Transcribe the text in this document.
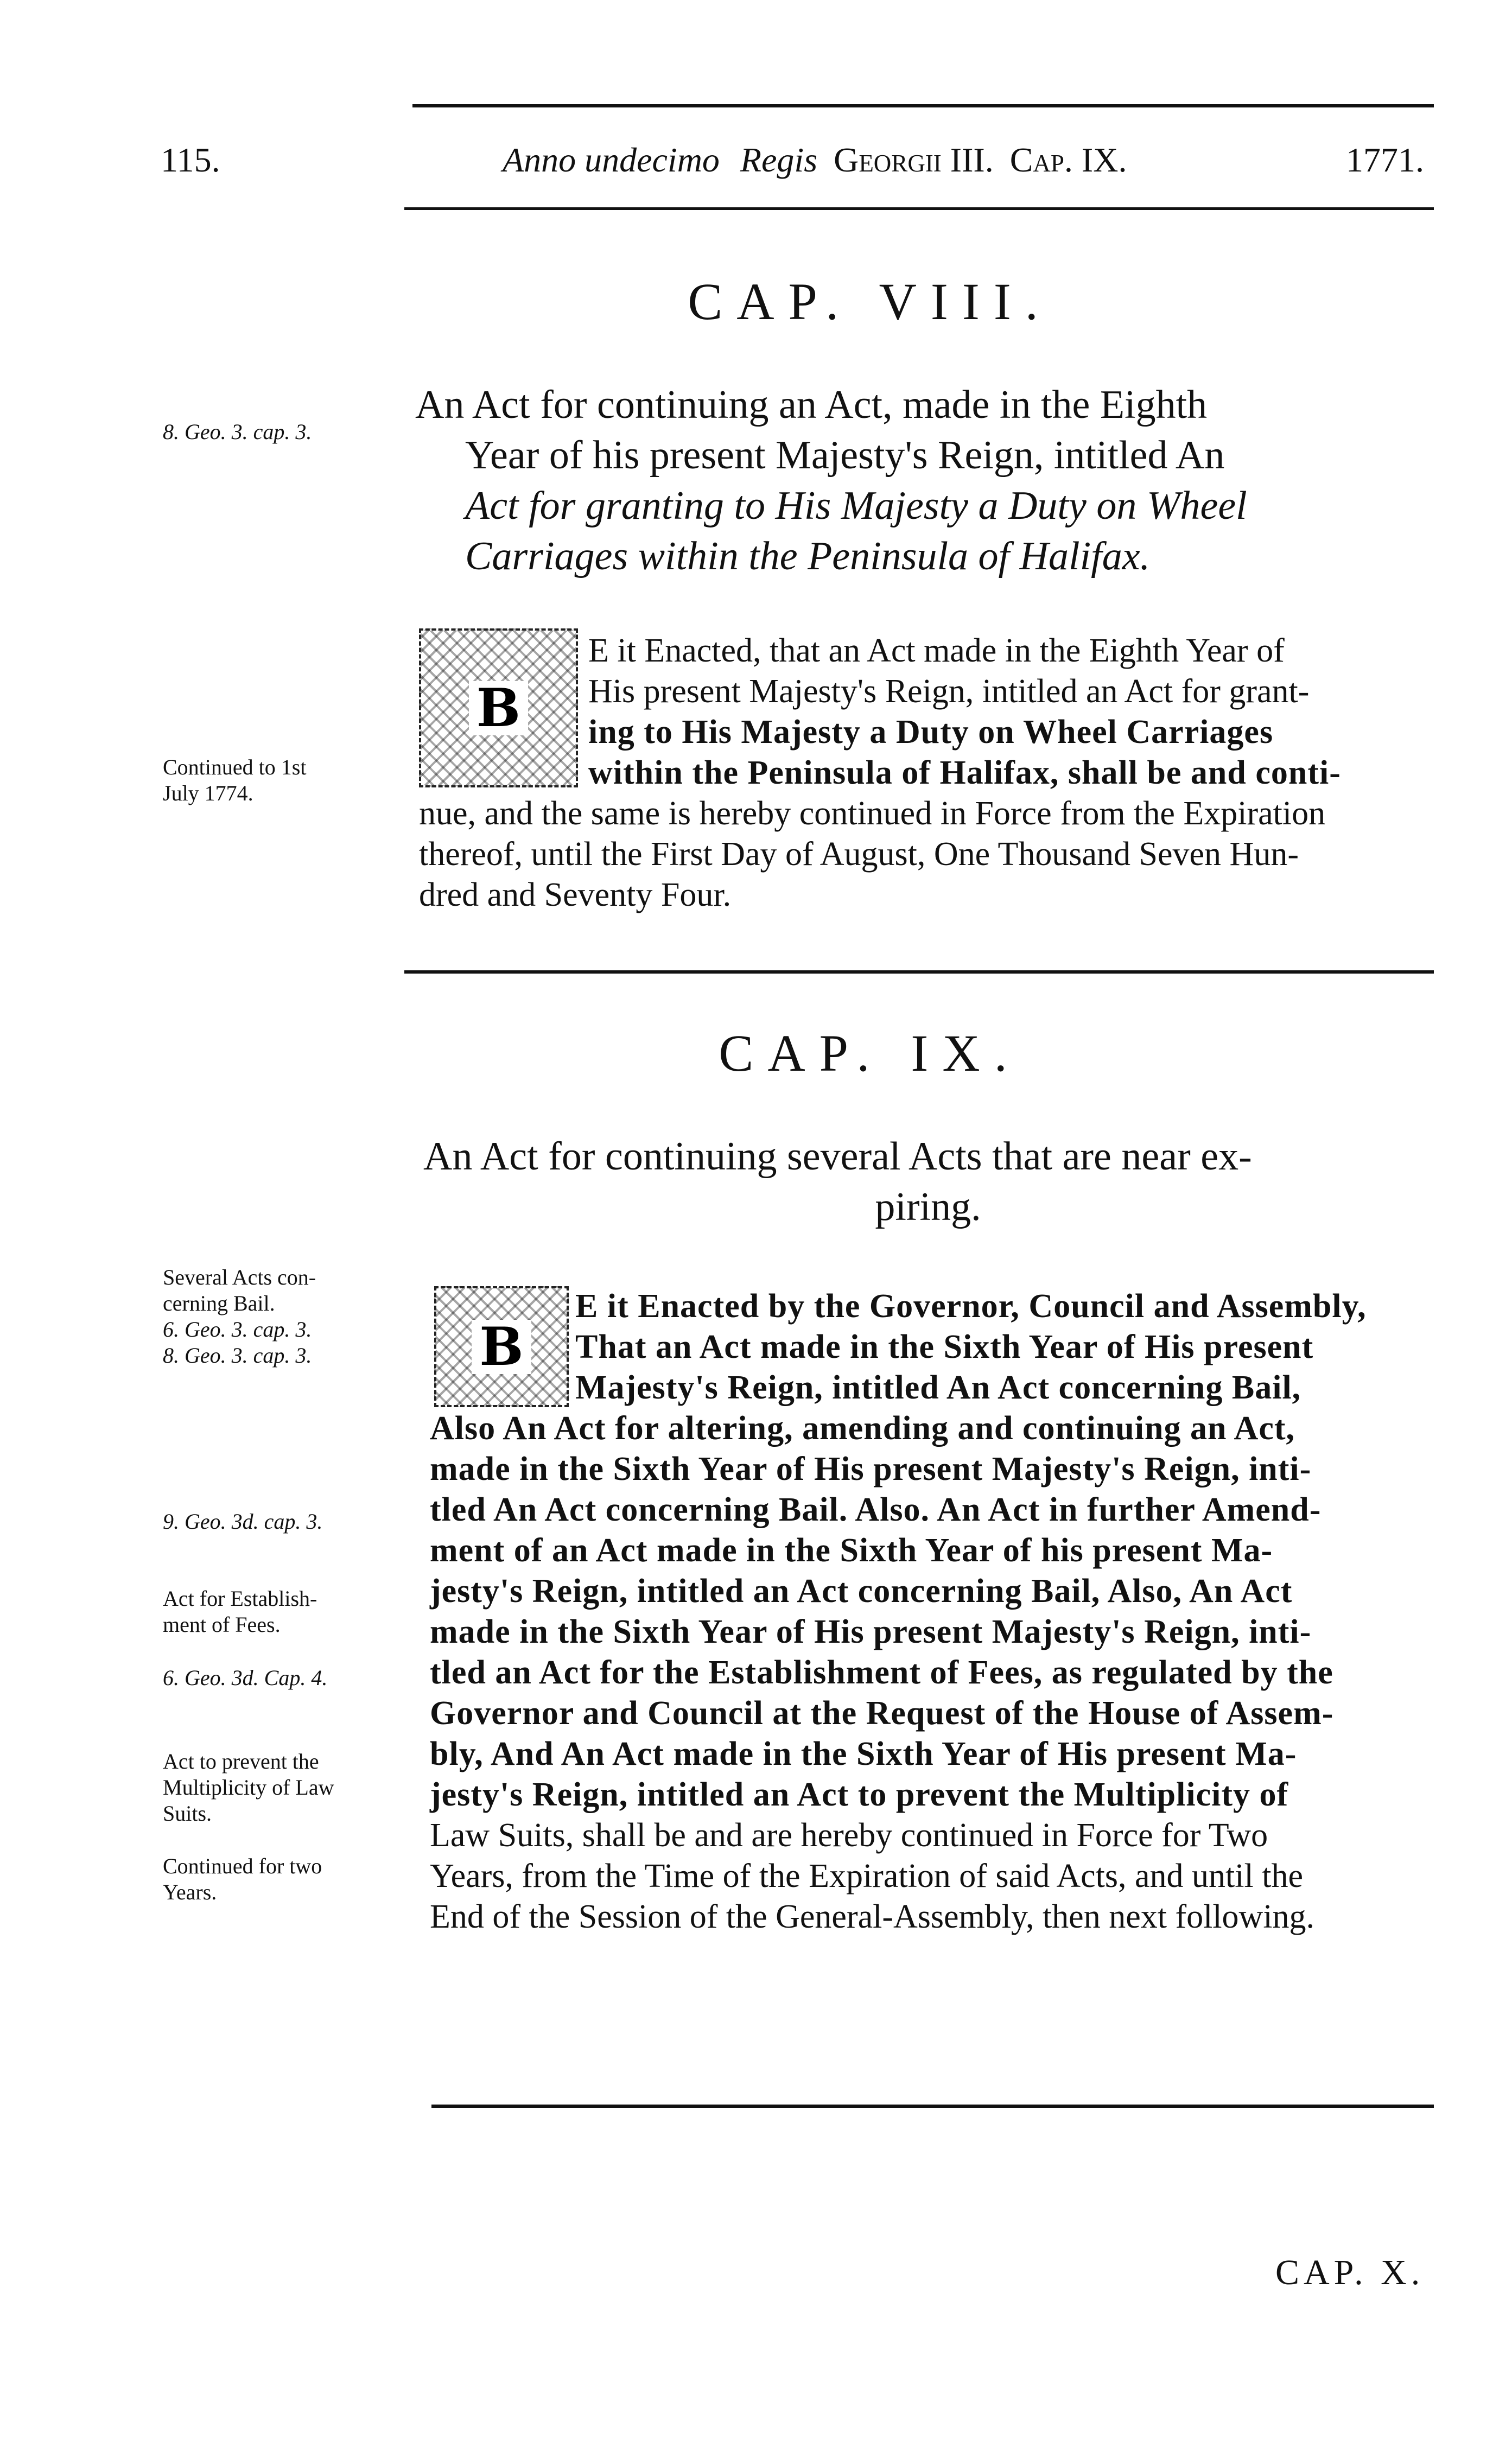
115.	Anno undecimo Regis Georgii III. Cap. IX.	1771.
CAP. VIII.
8. Geo. 3. cap. 3.
An Act for continuing an Act, made in the Eighth
Year of his present Majesty's Reign, intitled An
Act for granting to His Majesty a Duty on Wheel
Carriages within the Peninsula of Halifax.
B
E it Enacted, that an Act made in the Eighth Year of
His present Majesty's Reign, intitled an Act for grant-
ing to His Majesty a Duty on Wheel Carriages
within the Peninsula of Halifax, shall be and conti-
nue, and the same is hereby continued in Force from the Expiration
thereof, until the First Day of August, One Thousand Seven Hun-
dred and Seventy Four.
Continued to 1st
July 1774.
CAP. IX.
An Act for continuing several Acts that are near ex-
piring.
B
E it Enacted by the Governor, Council and Assembly,
That an Act made in the Sixth Year of His present
Majesty's Reign, intitled An Act concerning Bail,
Also An Act for altering, amending and continuing an Act,
made in the Sixth Year of His present Majesty's Reign, inti-
tled An Act concerning Bail. Also. An Act in further Amend-
ment of an Act made in the Sixth Year of his present Ma-
jesty's Reign, intitled an Act concerning Bail, Also, An Act
made in the Sixth Year of His present Majesty's Reign, inti-
tled an Act for the Establishment of Fees, as regulated by the
Governor and Council at the Request of the House of Assem-
bly, And An Act made in the Sixth Year of His present Ma-
jesty's Reign, intitled an Act to prevent the Multiplicity of
Law Suits, shall be and are hereby continued in Force for Two
Years, from the Time of the Expiration of said Acts, and until the
End of the Session of the General-Assembly, then next following.
Several Acts con-
cerning Bail.
6. Geo. 3. cap. 3.
8. Geo. 3. cap. 3.
9. Geo. 3d. cap. 3.
Act for Establish-
ment of Fees.
6. Geo. 3d. Cap. 4.
Act to prevent the
Multiplicity of Law
Suits.
Continued for two
Years.
CAP. X.
